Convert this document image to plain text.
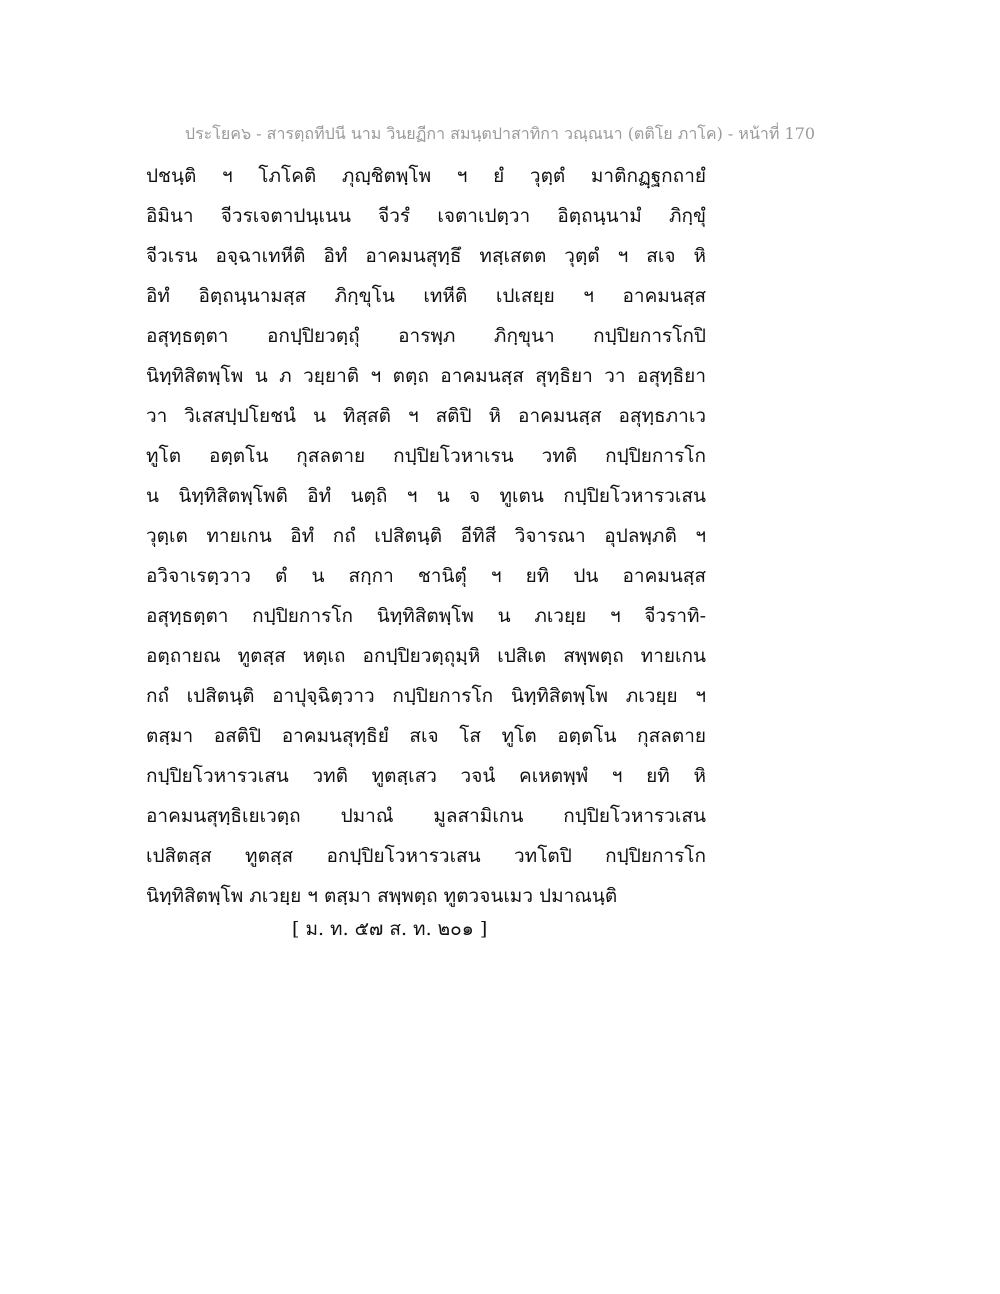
ประโยค๖ - สารตฺถทีปนี นาม วินยฏีกา สมนฺตปาสาทิกา วณฺณนา (ตติโย ภาโค) - หน้าที่ 170
ปชนฺติ ฯ โภโคติ ภุญฺชิตพฺโพ ฯ ยํ วุตฺตํ มาติกฏฺฐกถายํ
อิมินา จีวรเจตาปนฺเนน จีวรํ เจตาเปตฺวา อิตฺถนฺนามํ ภิกฺขุํ
จีวเรน อจฺฉาเทหีติ อิทํ อาคมนสุทฺธึ ทสฺเสตต วุตฺตํ ฯ สเจ หิ
อิทํ อิตฺถนฺนามสฺส ภิกฺขุโน เทหีติ เปเสยฺย ฯ อาคมนสฺส
อสุทฺธตฺตา อกปฺปิยวตฺถุํ อารพฺภ ภิกฺขุนา กปฺปิยการโกปิ
นิทฺทิสิตพฺโพ น ภ วยฺยาติ ฯ ตตฺถ อาคมนสฺส สุทฺธิยา วา อสุทฺธิยา
วา วิเสสปฺปโยชนํ น ทิสฺสติ ฯ สติปิ หิ อาคมนสฺส อสุทฺธภาเว
ทูโต อตฺตโน กุสลตาย กปฺปิยโวหาเรน วทติ กปฺปิยการโก
น นิทฺทิสิตพฺโพติ อิทํ นตฺถิ ฯ น จ ทูเตน กปฺปิยโวหารวเสน
วุตฺเต ทายเกน อิทํ กถํ เปสิตนฺติ อีทิสี วิจารณา อุปลพฺภติ ฯ
อวิจาเรตฺวาว ตํ น สกฺกา ชานิตุํ ฯ ยทิ ปน อาคมนสฺส
อสุทฺธตฺตา กปฺปิยการโก นิทฺทิสิตพฺโพ น ภเวยฺย ฯ จีวราทิ-
อตฺถายณ ทูตสฺส หตฺเถ อกปฺปิยวตฺถุมฺหิ เปสิเต สพฺพตฺถ ทายเกน
กถํ เปสิตนฺติ อาปุจฺฉิตฺวาว กปฺปิยการโก นิทฺทิสิตพฺโพ ภเวยฺย ฯ
ตสฺมา อสติปิ อาคมนสุทฺธิยํ สเจ โส ทูโต อตฺตโน กุสลตาย
กปฺปิยโวหารวเสน วทติ ทูตสฺเสว วจนํ คเหตพฺพํ ฯ ยทิ หิ
อาคมนสุทฺธิเยเวตฺถ ปมาณํ มูลสามิเกน กปฺปิยโวหารวเสน
เปสิตสฺส ทูตสฺส อกปฺปิยโวหารวเสน วทโตปิ กปฺปิยการโก
นิทฺทิสิตพฺโพ ภเวยฺย ฯ ตสฺมา สพฺพตฺถ ทูตวจนเมว ปมาณนฺติ
[ ม. ท. ๕๗ ส. ท. ๒๐๑ ]
